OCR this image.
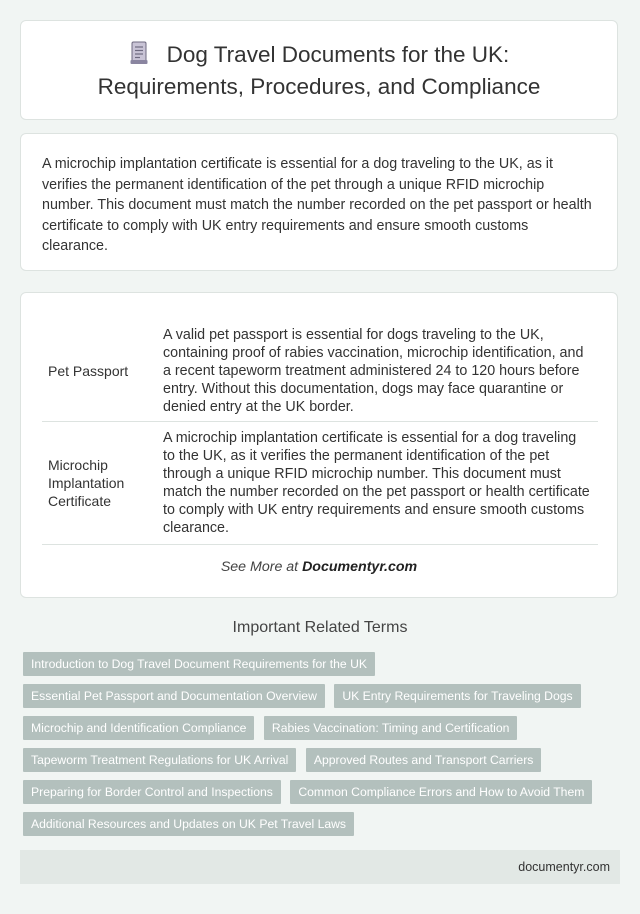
Dog Travel Documents for the UK:
Requirements, Procedures, and Compliance

A microchip implantation certificate is essential for a dog traveling to the UK, as it verifies the permanent identification of the pet through a unique RFID microchip number. This document must match the number recorded on the pet passport or health certificate to comply with UK entry requirements and ensure smooth customs clearance.

Pet Passport	A valid pet passport is essential for dogs traveling to the UK, containing proof of rabies vaccination, microchip identification, and a recent tapeworm treatment administered 24 to 120 hours before entry. Without this documentation, dogs may face quarantine or denied entry at the UK border.
Microchip Implantation Certificate	A microchip implantation certificate is essential for a dog traveling to the UK, as it verifies the permanent identification of the pet through a unique RFID microchip number. This document must match the number recorded on the pet passport or health certificate to comply with UK entry requirements and ensure smooth customs clearance.
See More at Documentyr.com
Important Related Terms
Introduction to Dog Travel Document Requirements for the UK Essential Pet Passport and Documentation Overview UK Entry Requirements for Traveling Dogs Microchip and Identification Compliance Rabies Vaccination: Timing and Certification Tapeworm Treatment Regulations for UK Arrival Approved Routes and Transport Carriers Preparing for Border Control and Inspections Common Compliance Errors and How to Avoid Them Additional Resources and Updates on UK Pet Travel Laws
documentyr.com
